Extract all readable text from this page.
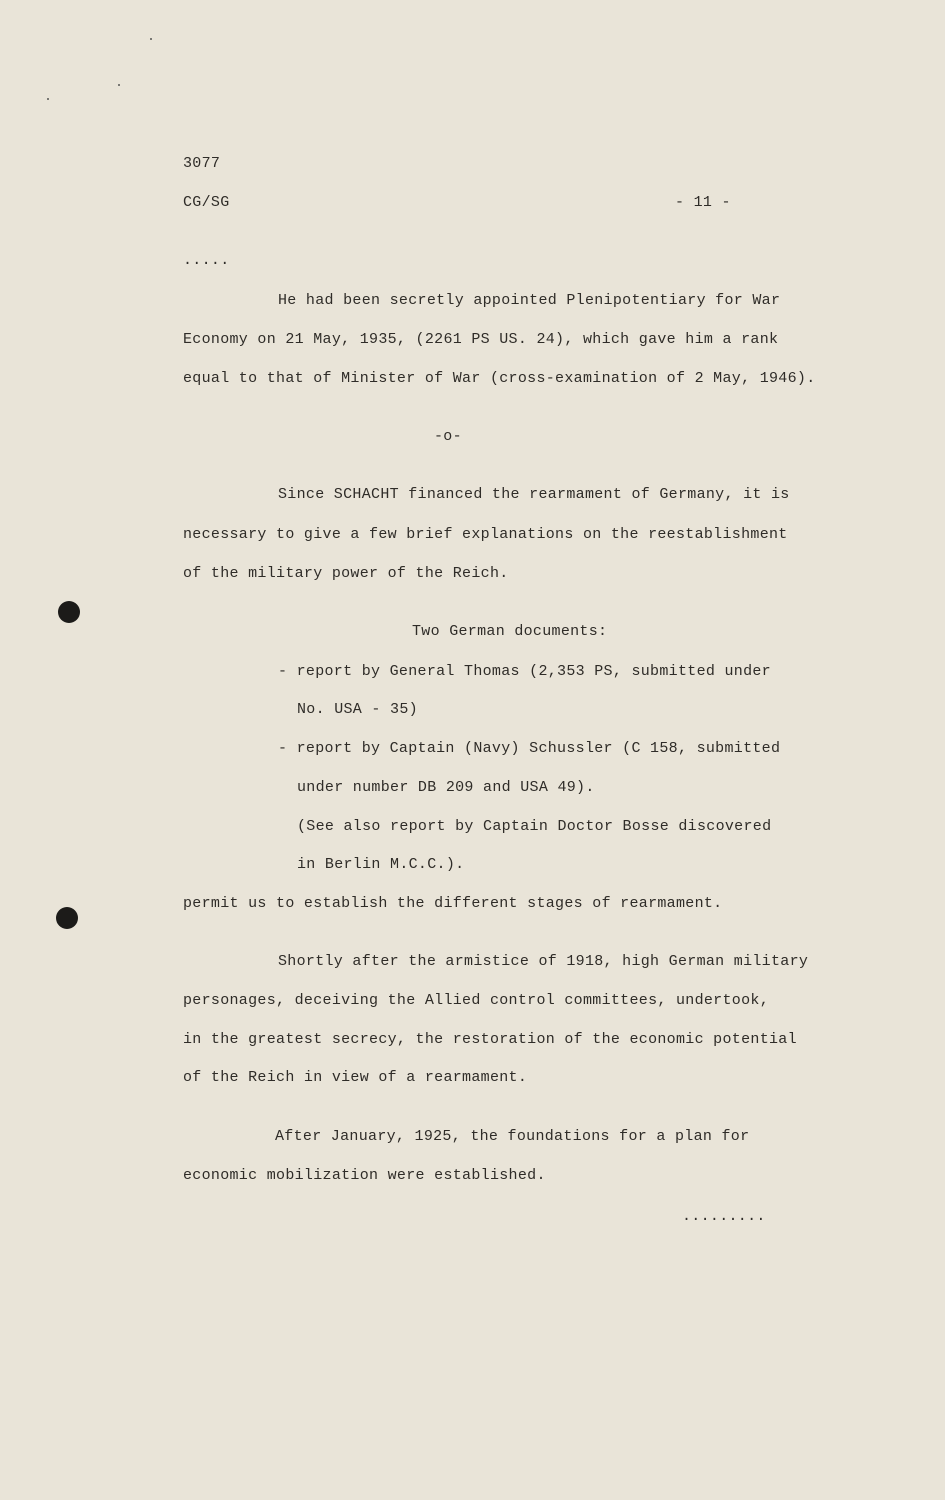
3077
CG/SG	- 11 -
.....
He had been secretly appointed Plenipotentiary for War
Economy on 21 May, 1935, (2261 PS US. 24), which gave him a rank
equal to that of Minister of War (cross-examination of 2 May, 1946).
-o-
Since SCHACHT financed the rearmament of Germany, it is
necessary to give a few brief explanations on the reestablishment
of the military power of the Reich.
Two German documents:
- report by General Thomas (2,353 PS, submitted under
No. USA - 35)
- report by Captain (Navy) Schussler (C 158, submitted
under number DB 209 and USA 49).
(See also report by Captain Doctor Bosse discovered
in Berlin M.C.C.).
permit us to establish the different stages of rearmament.
Shortly after the armistice of 1918, high German military
personages, deceiving the Allied control committees, undertook,
in the greatest secrecy, the restoration of the economic potential
of the Reich in view of a rearmament.
After January, 1925, the foundations for a plan for
economic mobilization were established.
.........
